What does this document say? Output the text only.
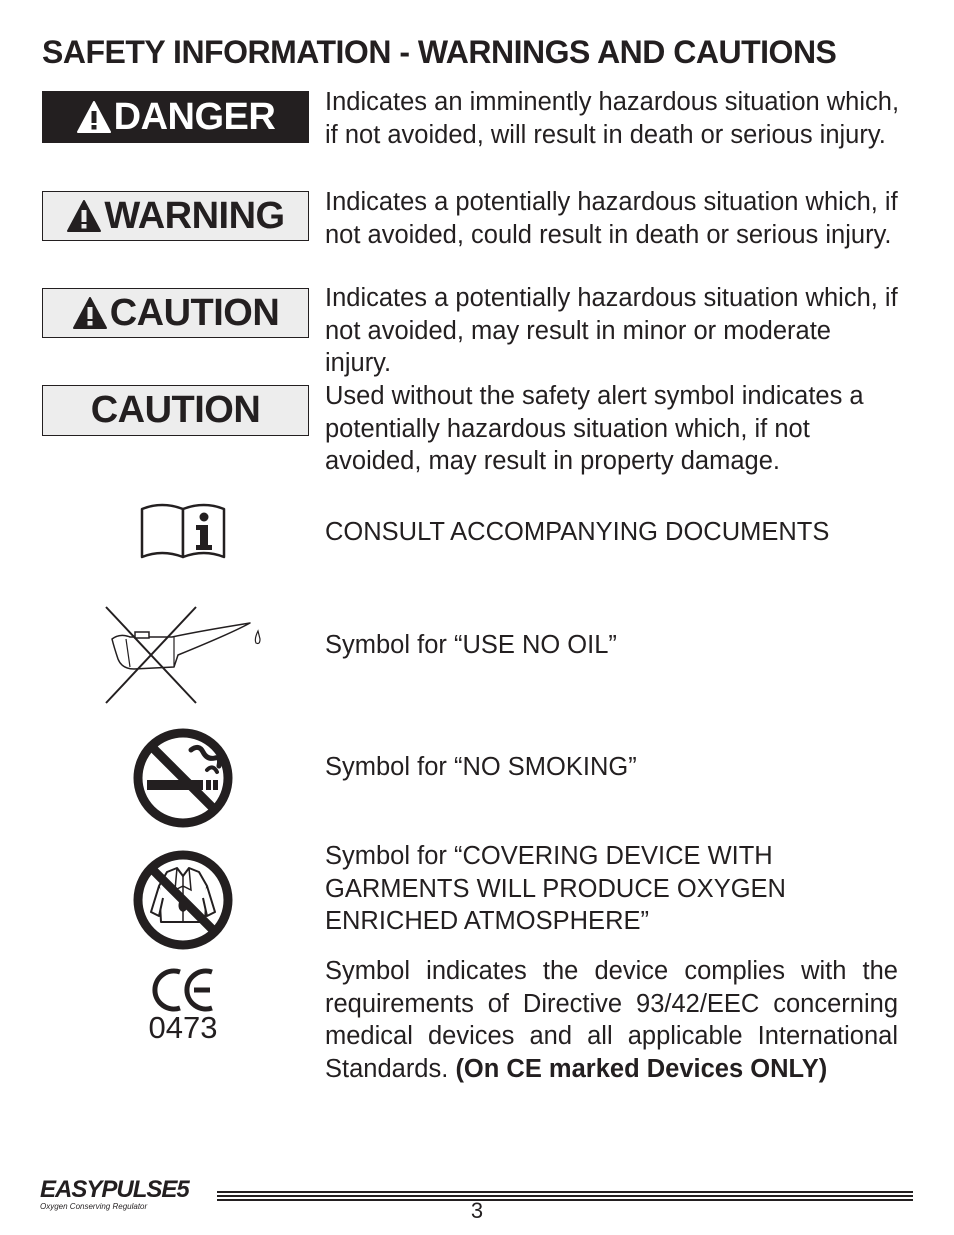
SAFETY INFORMATION - WARNINGS AND CAUTIONS
DANGER Indicates an imminently hazardous situation which, if not avoided, will result in death or serious injury.
WARNING Indicates a potentially hazardous situation which, if not avoided, could result in death or serious injury.
CAUTION Indicates a potentially hazardous situation which, if not avoided, may result in minor or moderate injury.
CAUTION	Used without the safety alert symbol indicates a potentially hazardous situation which, if not avoided, may result in property damage.
CONSULT ACCOMPANYING DOCUMENTS
Symbol for “USE NO OIL”
Symbol for “NO SMOKING”
Symbol for “COVERING DEVICE WITH GARMENTS WILL PRODUCE OXYGEN ENRICHED ATMOSPHERE”
0473
Symbol indicates the device complies with the requirements of Directive 93/42/EEC concerning medical devices and all applicable International Standards. (On CE marked Devices ONLY)
EASYPULSE5
Oxygen Conserving Regulator	3
